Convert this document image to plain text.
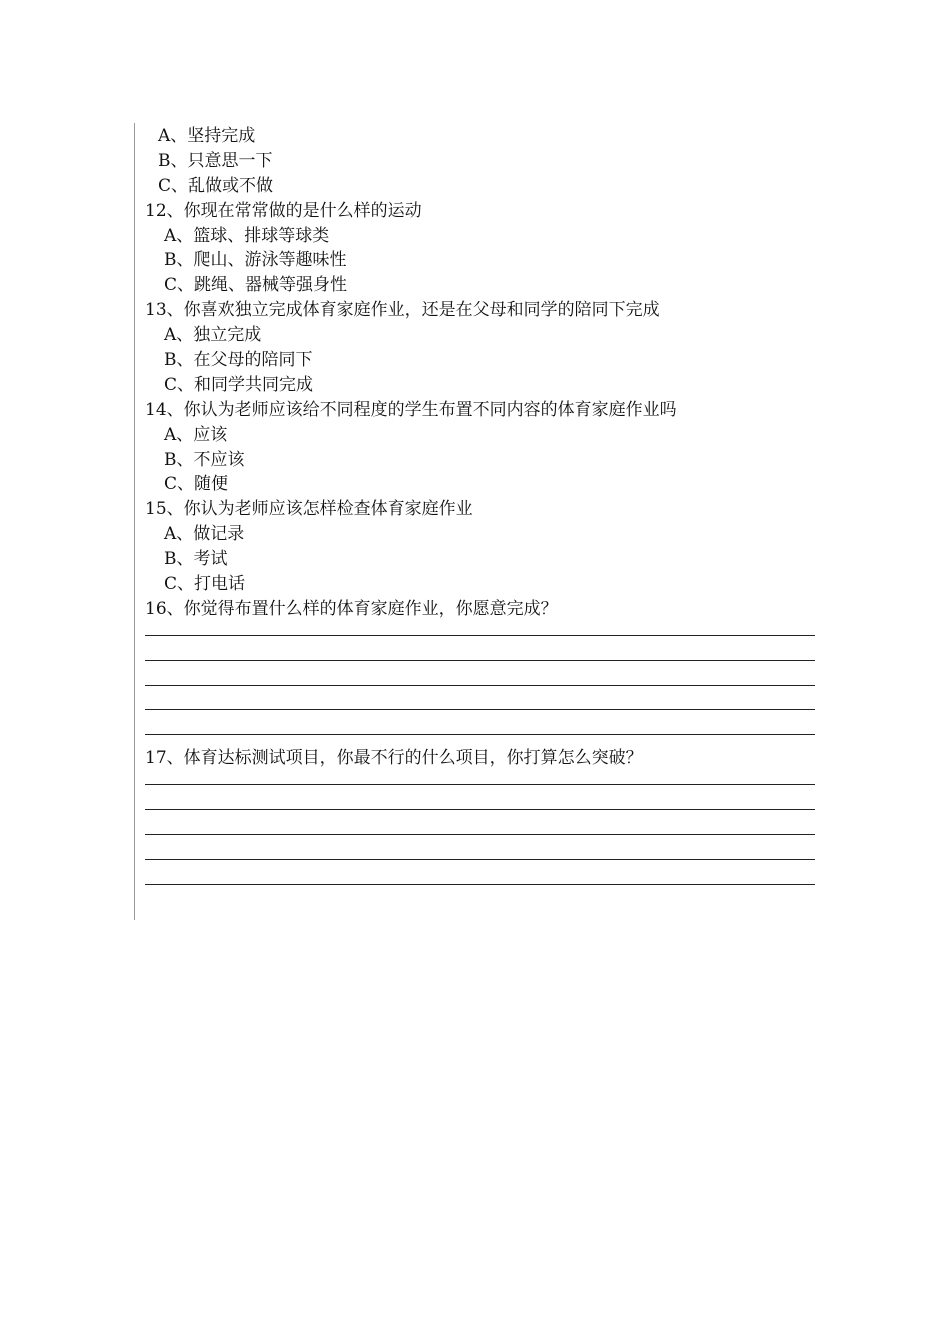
A、坚持完成
B、只意思一下
C、乱做或不做
12、你现在常常做的是什么样的运动
A、篮球、排球等球类
B、爬山、游泳等趣味性
C、跳绳、器械等强身性
13、你喜欢独立完成体育家庭作业，还是在父母和同学的陪同下完成
A、独立完成
B、在父母的陪同下
C、和同学共同完成
14、你认为老师应该给不同程度的学生布置不同内容的体育家庭作业吗
A、应该
B、不应该
C、随便
15、你认为老师应该怎样检查体育家庭作业
A、做记录
B、考试
C、打电话
16、你觉得布置什么样的体育家庭作业，你愿意完成？
17、体育达标测试项目，你最不行的什么项目，你打算怎么突破？
